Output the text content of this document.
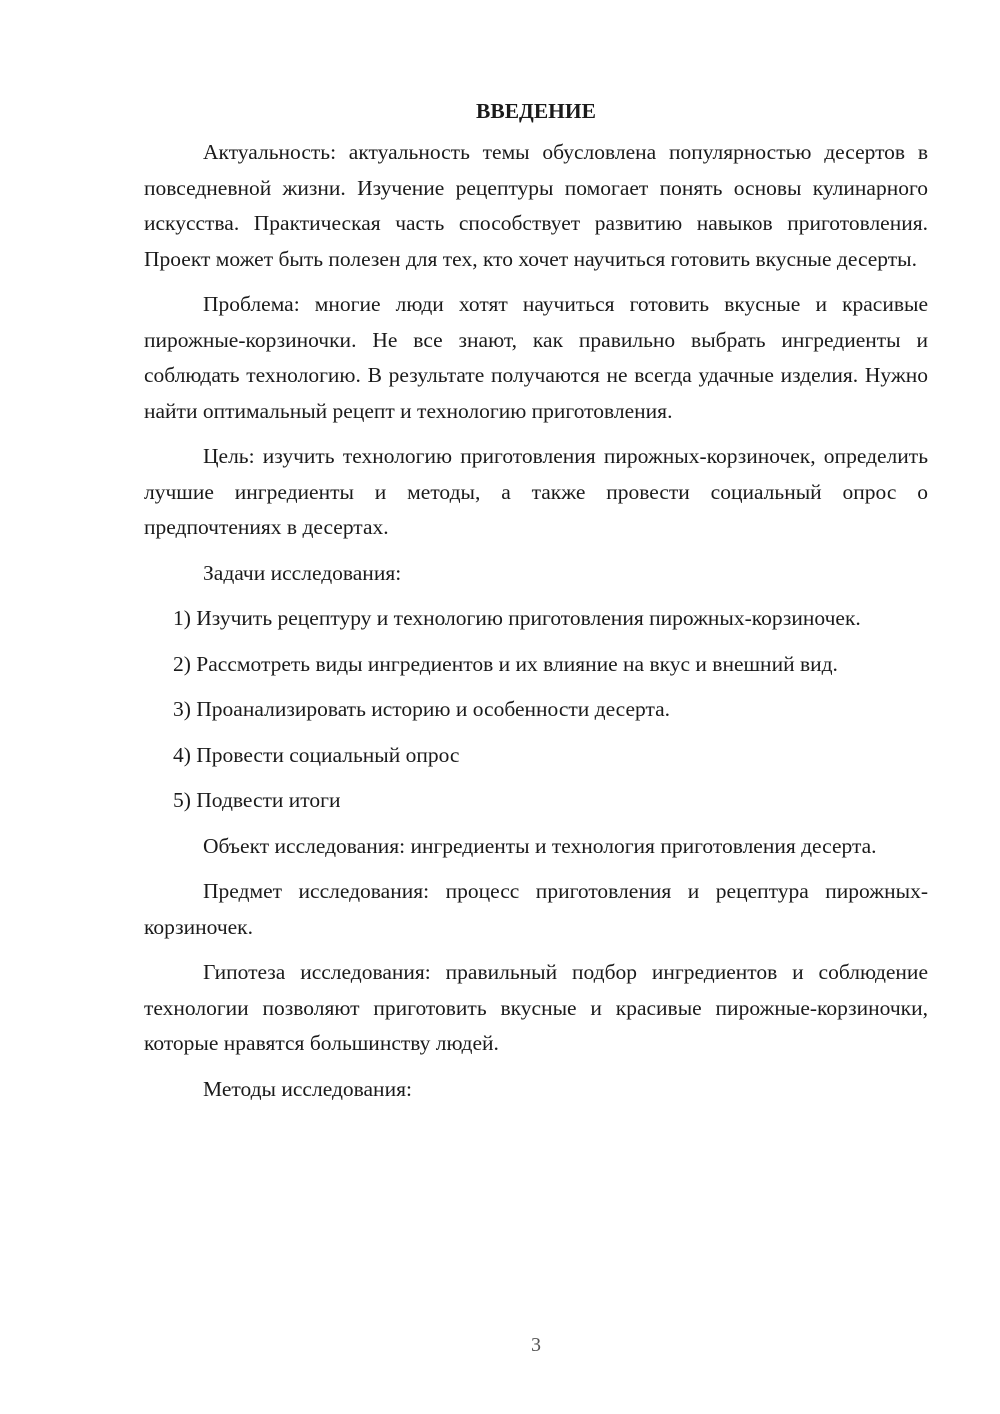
ВВЕДЕНИЕ
Актуальность: актуальность темы обусловлена популярностью десертов в повседневной жизни. Изучение рецептуры помогает понять основы кулинарного искусства. Практическая часть способствует развитию навыков приготовления. Проект может быть полезен для тех, кто хочет научиться готовить вкусные десерты.
Проблема: многие люди хотят научиться готовить вкусные и красивые пирожные-корзиночки. Не все знают, как правильно выбрать ингредиенты и соблюдать технологию. В результате получаются не всегда удачные изделия. Нужно найти оптимальный рецепт и технологию приготовления.
Цель: изучить технологию приготовления пирожных-корзиночек, определить лучшие ингредиенты и методы, а также провести социальный опрос о предпочтениях в десертах.
Задачи исследования:
1) Изучить рецептуру и технологию приготовления пирожных-корзиночек.
2) Рассмотреть виды ингредиентов и их влияние на вкус и внешний вид.
3) Проанализировать историю и особенности десерта.
4) Провести социальный опрос
5) Подвести итоги
Объект исследования: ингредиенты и технология приготовления десерта.
Предмет исследования: процесс приготовления и рецептура пирожных-корзиночек.
Гипотеза исследования: правильный подбор ингредиентов и соблюдение технологии позволяют приготовить вкусные и красивые пирожные-корзиночки, которые нравятся большинству людей.
Методы исследования:
3
